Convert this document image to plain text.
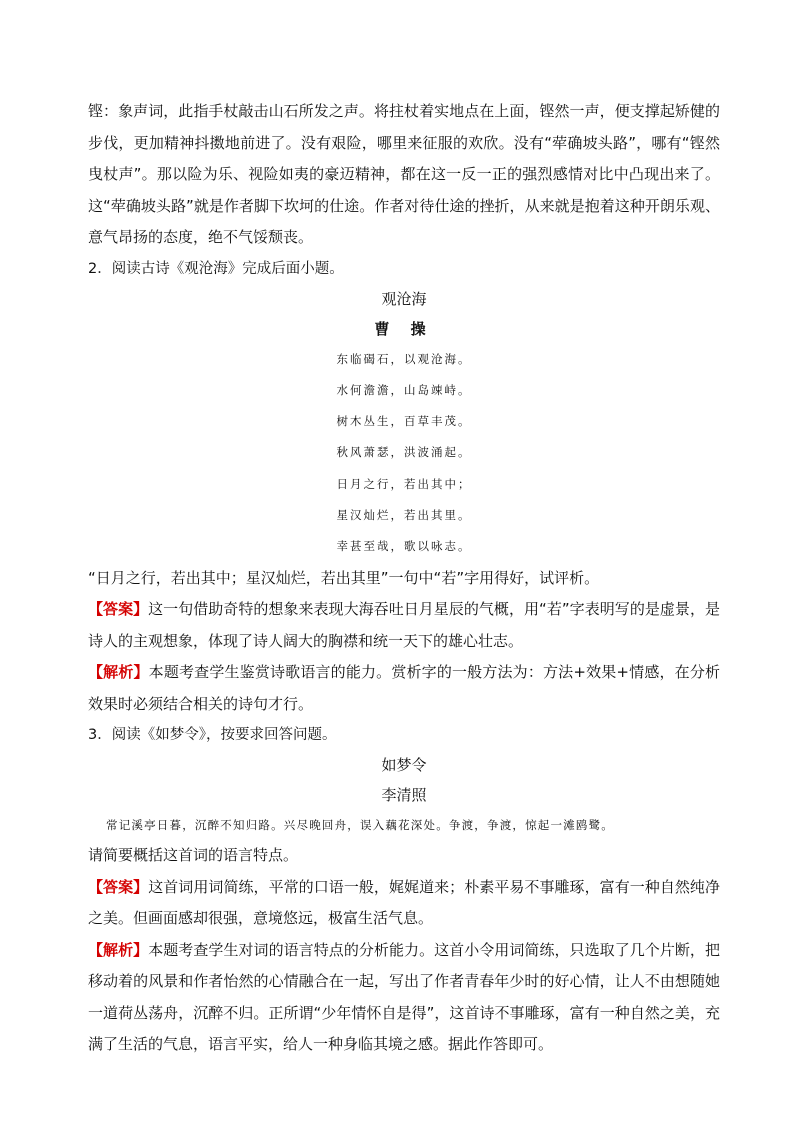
铿：象声词，此指手杖敲击山石所发之声。将拄杖着实地点在上面，铿然一声，便支撑起矫健的步伐，更加精神抖擞地前进了。没有艰险，哪里来征服的欢欣。没有“荦确坡头路”，哪有“铿然曳杖声”。那以险为乐、视险如夷的豪迈精神，都在这一反一正的强烈感情对比中凸现出来了。这“荦确坡头路”就是作者脚下坎坷的仕途。作者对待仕途的挫折，从来就是抱着这种开朗乐观、意气昂扬的态度，绝不气馁颓丧。

2．阅读古诗《观沧海》完成后面小题。

观沧海

曹 操

东临碣石，以观沧海。

水何澹澹，山岛竦峙。

树木丛生，百草丰茂。

秋风萧瑟，洪波涌起。

日月之行，若出其中；

星汉灿烂，若出其里。

幸甚至哉，歌以咏志。

“日月之行，若出其中；星汉灿烂，若出其里”一句中“若”字用得好，试评析。

【答案】这一句借助奇特的想象来表现大海吞吐日月星辰的气概，用“若”字表明写的是虚景，是诗人的主观想象，体现了诗人阔大的胸襟和统一天下的雄心壮志。

【解析】本题考查学生鉴赏诗歌语言的能力。赏析字的一般方法为：方法+效果+情感，在分析效果时必须结合相关的诗句才行。

3．阅读《如梦令》，按要求回答问题。

如梦令

李清照

常记溪亭日暮，沉醉不知归路。兴尽晚回舟，误入藕花深处。争渡，争渡，惊起一滩鸥鹭。

请简要概括这首词的语言特点。

【答案】这首词用词简练，平常的口语一般，娓娓道来；朴素平易不事雕琢，富有一种自然纯净之美。但画面感却很强，意境悠远，极富生活气息。

【解析】本题考查学生对词的语言特点的分析能力。这首小令用词简练，只选取了几个片断，把移动着的风景和作者怡然的心情融合在一起，写出了作者青春年少时的好心情，让人不由想随她一道荷丛荡舟，沉醉不归。正所谓“少年情怀自是得”，这首诗不事雕琢，富有一种自然之美，充满了生活的气息，语言平实，给人一种身临其境之感。据此作答即可。
